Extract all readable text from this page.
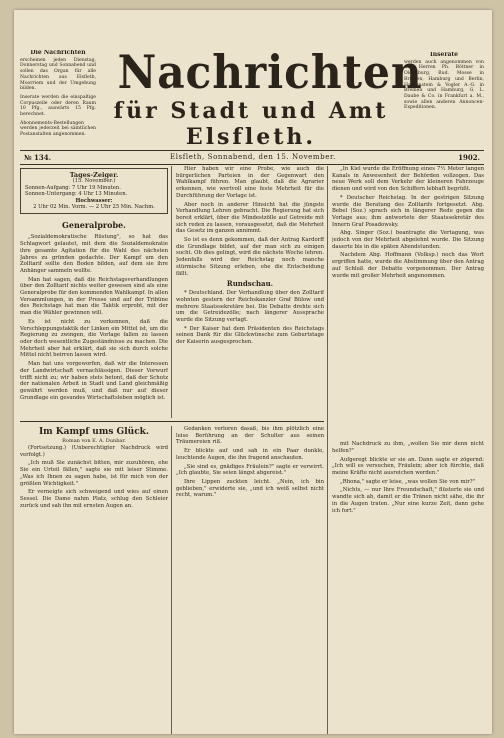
Die Nachrichten

erscheinen jeden Dienstag, Donnerstag und Sonnabend und sollen das Organ für alle Nachrichten aus Elsfleth, Moorriem und der Umgebung bilden.

Inserate werden die einspaltige Corpuszeile oder deren Raum 10 Pfg., auswärts 15 Pfg. berechnet.

Abonnements-Bestellungen werden jederzeit bei sämtlichen Postanstalten angenommen.

Nachrichten
für Stadt und Amt Elsfleth.
Inserate

werden auch angenommen von den Herren Ph. Böttner in Oldenburg, Rud. Mosse in Bremen, Hamburg und Berlin, Haasenstein & Vogler A.-G. in Bremen und Hamburg, G. L. Daube & Co. in Frankfurt a. M., sowie allen anderen Annoncen-Expeditionen.

№ 134.	Elsfleth, Sonnabend, den 15. November.	1902.
Tages-Zeiger.
(15. November.)
Sonnen-Aufgang: 7 Uhr 19 Minuten.
Sonnen-Untergang: 4 Uhr 13 Minuten.
Hochwasser:
2 Uhr 02 Min. Vorm. — 2 Uhr 25 Min. Nachm.
Generalprobe.

„Sozialdemokratische Rüstung", so hat das Schlagwort gelautet, mit dem die Sozialdemokratie ihre gesamte Agitation für die Wahl des nächsten Jahres zu gründen gedachte. Der Kampf um den Zolltarif sollte den Boden bilden, auf dem sie ihre Anhänger sammeln wollte.

Man hat sagen, daß die Reichstagsverhandlungen über den Zolltarif nichts weiter gewesen sind als eine Generalprobe für den kommenden Wahlkampf. In allen Versammlungen, in der Presse und auf der Tribüne des Reichstags hat man die Taktik erprobt, mit der man die Wähler gewinnen will.

Es ist nicht zu verkennen, daß die Verschleppungstaktik der Linken ein Mittel ist, um die Regierung zu zwingen, die Vorlage fallen zu lassen oder doch wesentliche Zugeständnisse zu machen. Die Mehrheit aber hat erklärt, daß sie sich durch solche Mittel nicht beirren lassen wird.

Man hat uns vorgeworfen, daß wir die Interessen der Landwirtschaft vernachlässigen. Dieser Vorwurf trifft nicht zu; wir haben stets betont, daß der Schutz der nationalen Arbeit in Stadt und Land gleichmäßig gewährt werden muß, und daß nur auf dieser Grundlage ein gesundes Wirtschaftsleben möglich ist.

Hier haben wir eine Probe, wie auch die bürgerlichen Parteien in der Gegenwart den Wahlkampf führen. Man glaubt, daß die Agrarier erkennen, wie wertvoll eine feste Mehrheit für die Durchführung der Vorlage ist.

Aber noch in anderer Hinsicht hat die jüngste Verhandlung Lehren gebracht. Die Regierung hat sich bereit erklärt, über die Mindestzölle auf Getreide mit sich reden zu lassen, vorausgesetzt, daß die Mehrheit das Gesetz im ganzen annimmt.

So ist es denn gekommen, daß der Antrag Kardorff die Grundlage bildet, auf der man sich zu einigen sucht. Ob dies gelingt, wird die nächste Woche lehren. Jedenfalls wird der Reichstag noch manche stürmische Sitzung erleben, ehe die Entscheidung fällt.

Rundschau.

* Deutschland. Der Verhandlung über den Zolltarif wohnten gestern der Reichskanzler Graf Bülow und mehrere Staatssekretäre bei. Die Debatte drehte sich um die Getreidezölle; nach längerer Aussprache wurde die Sitzung vertagt.

* Der Kaiser hat dem Präsidenten des Reichstags seinen Dank für die Glückwünsche zum Geburtstage der Kaiserin ausgesprochen.

„In Kiel wurde die Eröffnung eines 7½ Meter langen Kanals in Anwesenheit der Behörden vollzogen. Das neue Werk soll dem Verkehr der kleineren Fahrzeuge dienen und wird von den Schiffern lebhaft begrüßt.

* Deutscher Reichstag. In der gestrigen Sitzung wurde die Beratung des Zolltarifs fortgesetzt. Abg. Bebel (Soz.) sprach sich in längerer Rede gegen die Vorlage aus; ihm antwortete der Staatssekretär des Innern Graf Posadowsky.

Abg. Singer (Soz.) beantragte die Vertagung, was jedoch von der Mehrheit abgelehnt wurde. Die Sitzung dauerte bis in die späten Abendstunden.

Nachdem Abg. Hoffmann (Volksp.) noch das Wort ergriffen hatte, wurde die Abstimmung über den Antrag auf Schluß der Debatte vorgenommen. Der Antrag wurde mit großer Mehrheit angenommen.

mit Nachdruck zu ihm, „wollen Sie mir denn nicht helfen?"

Aufgeregt blickte er sie an. Dann sagte er zögernd: „Ich will es versuchen, Fräulein; aber ich fürchte, daß meine Kräfte nicht ausreichen werden."

„Rhona," sagte er leise, „was wollen Sie von mir?"

„Nichts, — nur Ihre Freundschaft," flüsterte sie und wandte sich ab, damit er die Tränen nicht sähe, die ihr in die Augen traten. „Nur eine kurze Zeit, dann gehe ich fort."

Im Kampf ums Glück.
Roman von E. A. Dunbar.

(Fortsetzung.) (Unberechtigter Nachdruck wird verfolgt.)

„Ich muß Sie zunächst bitten, mir zuzuhören, ehe Sie ein Urteil fällen," sagte sie mit leiser Stimme. „Was ich Ihnen zu sagen habe, ist für mich von der größten Wichtigkeit."

Er verneigte sich schweigend und wies auf einen Sessel. Die Dame nahm Platz, schlug den Schleier zurück und sah ihn mit ernsten Augen an.

Gedanken verloren dasaß, bis ihm plötzlich eine leise Berührung an der Schulter aus seinen Träumereien riß.

Er blickte auf und sah in ein Paar dunkle, leuchtende Augen, die ihn fragend anschauten.

„Sie sind es, gnädiges Fräulein?" sagte er verwirrt. „Ich glaubte, Sie seien längst abgereist."

Ihre Lippen zuckten leicht. „Nein, ich bin geblieben," erwiderte sie, „und ich weiß selbst nicht recht, warum."
